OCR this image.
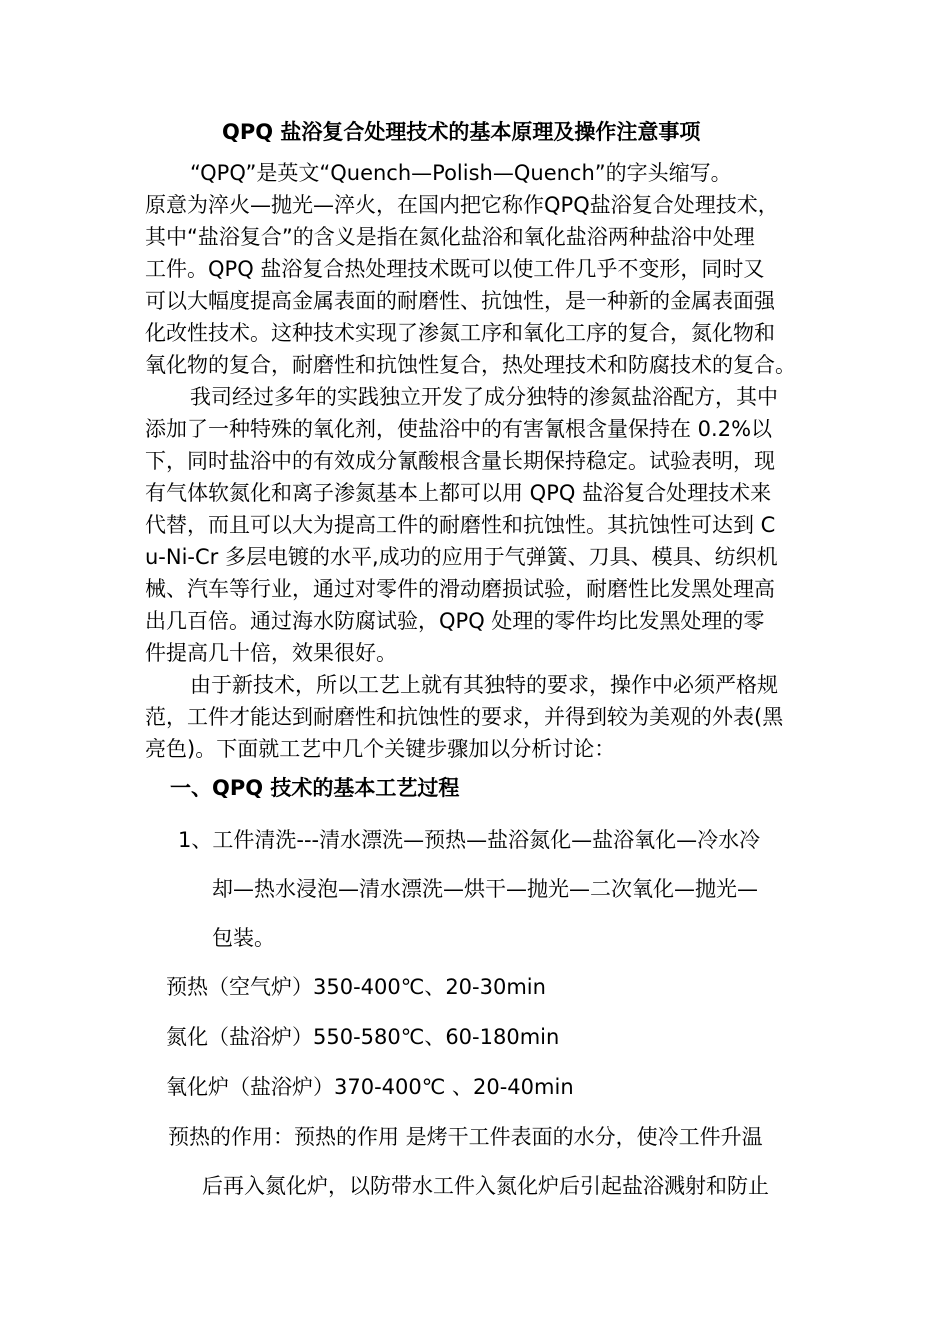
QPQ 盐浴复合处理技术的基本原理及操作注意事项
“QPQ”是英文“Quench—Polish—Quench”的字头缩写。
原意为淬火—抛光—淬火，在国内把它称作QPQ盐浴复合处理技术，
其中“盐浴复合”的含义是指在氮化盐浴和氧化盐浴两种盐浴中处理
工件。QPQ 盐浴复合热处理技术既可以使工件几乎不变形，同时又
可以大幅度提高金属表面的耐磨性、抗蚀性，是一种新的金属表面强
化改性技术。这种技术实现了渗氮工序和氧化工序的复合，氮化物和
氧化物的复合，耐磨性和抗蚀性复合，热处理技术和防腐技术的复合。
我司经过多年的实践独立开发了成分独特的渗氮盐浴配方，其中
添加了一种特殊的氧化剂，使盐浴中的有害氰根含量保持在 0.2%以
下，同时盐浴中的有效成分氰酸根含量长期保持稳定。试验表明，现
有气体软氮化和离子渗氮基本上都可以用 QPQ 盐浴复合处理技术来
代替，而且可以大为提高工件的耐磨性和抗蚀性。其抗蚀性可达到 C
u-Ni-Cr 多层电镀的水平,成功的应用于气弹簧、刀具、模具、纺织机
械、汽车等行业，通过对零件的滑动磨损试验，耐磨性比发黑处理高
出几百倍。通过海水防腐试验，QPQ 处理的零件均比发黑处理的零
件提高几十倍，效果很好。
由于新技术，所以工艺上就有其独特的要求，操作中必须严格规
范，工件才能达到耐磨性和抗蚀性的要求，并得到较为美观的外表(黑
亮色)。下面就工艺中几个关键步骤加以分析讨论：
一、QPQ 技术的基本工艺过程
1、工件清洗---清水漂洗—预热—盐浴氮化—盐浴氧化—冷水冷
却—热水浸泡—清水漂洗—烘干—抛光—二次氧化—抛光—
包装。
预热（空气炉）350-400℃、20-30min
氮化（盐浴炉）550-580℃、60-180min
氧化炉（盐浴炉）370-400℃ 、20-40min
预热的作用：预热的作用 是烤干工件表面的水分，使冷工件升温
后再入氮化炉，以防带水工件入氮化炉后引起盐浴溅射和防止
